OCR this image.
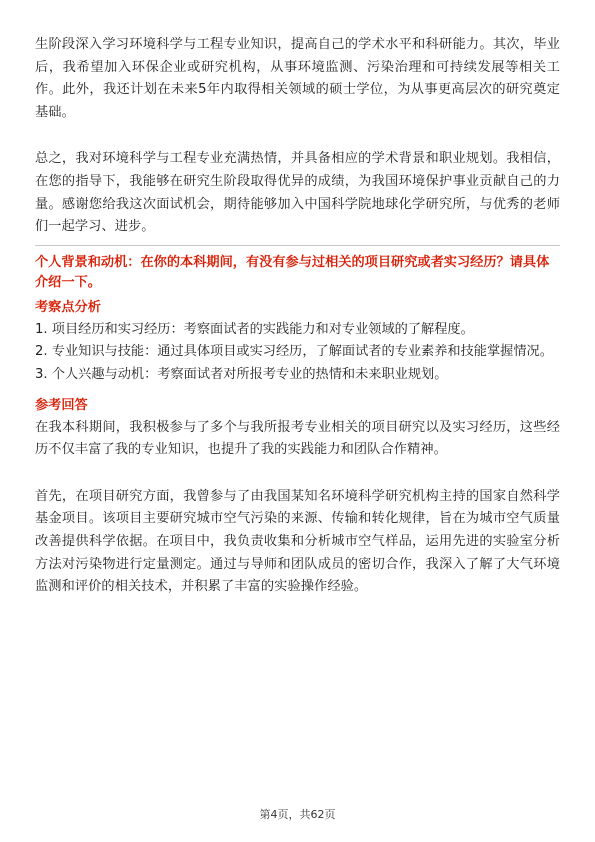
生阶段深入学习环境科学与工程专业知识，提高自己的学术水平和科研能力。其次，毕业后，我希望加入环保企业或研究机构，从事环境监测、污染治理和可持续发展等相关工作。此外，我还计划在未来5年内取得相关领域的硕士学位，为从事更高层次的研究奠定基础。

总之，我对环境科学与工程专业充满热情，并具备相应的学术背景和职业规划。我相信，在您的指导下，我能够在研究生阶段取得优异的成绩，为我国环境保护事业贡献自己的力量。感谢您给我这次面试机会，期待能够加入中国科学院地球化学研究所，与优秀的老师们一起学习、进步。

个人背景和动机：在你的本科期间，有没有参与过相关的项目研究或者实习经历？请具体介绍一下。

考察点分析
1. 项目经历和实习经历：考察面试者的实践能力和对专业领域的了解程度。
2. 专业知识与技能：通过具体项目或实习经历，了解面试者的专业素养和技能掌握情况。
3. 个人兴趣与动机：考察面试者对所报考专业的热情和未来职业规划。
参考回答

在我本科期间，我积极参与了多个与我所报考专业相关的项目研究以及实习经历，这些经历不仅丰富了我的专业知识，也提升了我的实践能力和团队合作精神。

首先，在项目研究方面，我曾参与了由我国某知名环境科学研究机构主持的国家自然科学基金项目。该项目主要研究城市空气污染的来源、传输和转化规律，旨在为城市空气质量改善提供科学依据。在项目中，我负责收集和分析城市空气样品，运用先进的实验室分析方法对污染物进行定量测定。通过与导师和团队成员的密切合作，我深入了解了大气环境监测和评价的相关技术，并积累了丰富的实验操作经验。

第4页，共62页
